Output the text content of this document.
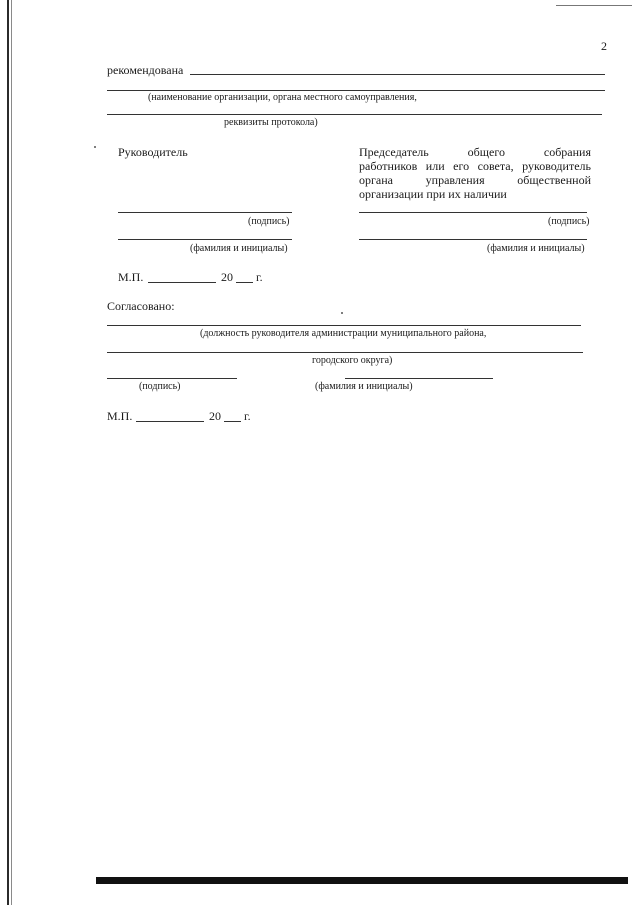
2
рекомендована
(наименование организации, органа местного самоуправления,
реквизиты протокола)
Руководитель
(подпись)
(фамилия и инициалы)
Председатель общего собрания
работников или его совета, руководитель
органа управления общественной
организации при их наличии
(подпись)
(фамилия и инициалы)
М.П.	20 г.
Согласовано:
(должность руководителя администрации муниципального района,
городского округа)
(подпись)	(фамилия и инициалы)
М.П.	20 г.
